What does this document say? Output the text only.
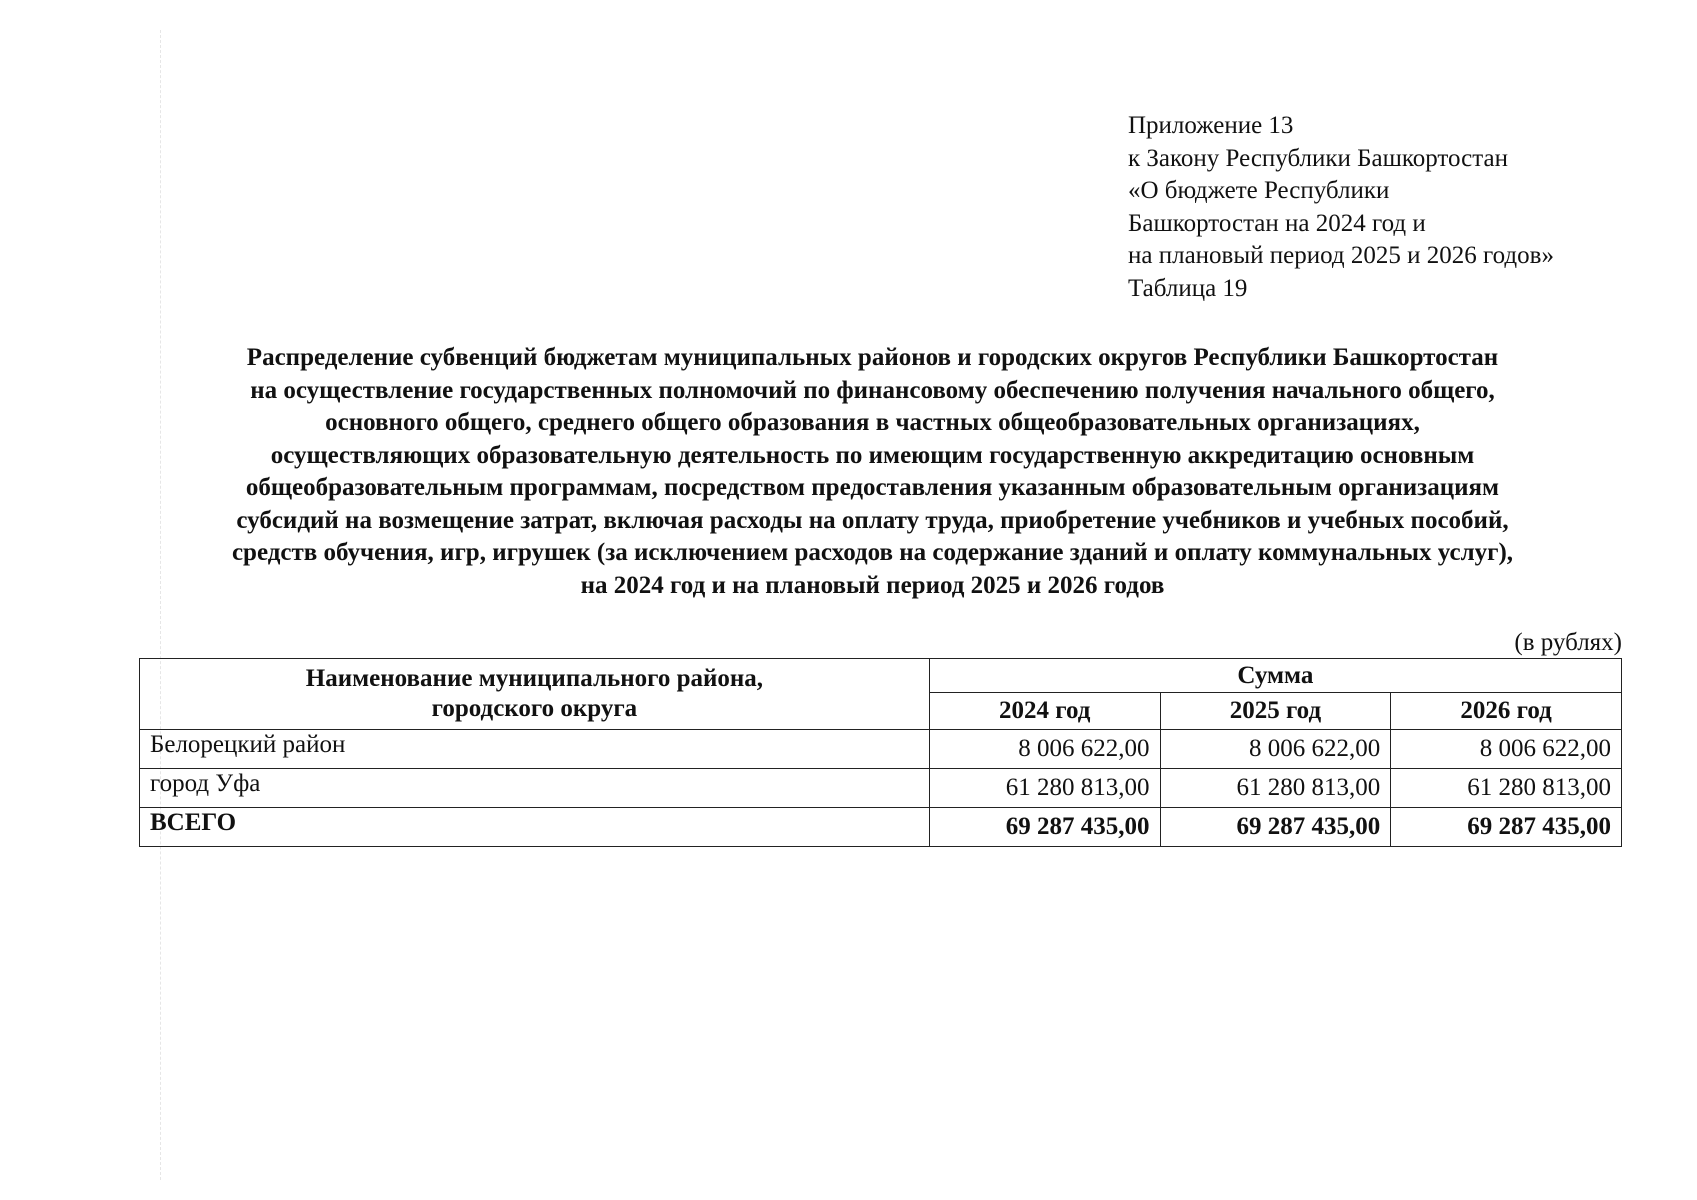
Приложение 13
к Закону Республики Башкортостан
«О бюджете Республики
Башкортостан на 2024 год и
на плановый период 2025 и 2026 годов»
Таблица 19
Распределение субвенций бюджетам муниципальных районов и городских округов Республики Башкортостан
на осуществление государственных полномочий по финансовому обеспечению получения начального общего,
основного общего, среднего общего образования в частных общеобразовательных организациях,
осуществляющих образовательную деятельность по имеющим государственную аккредитацию основным
общеобразовательным программам, посредством предоставления указанным образовательным организациям
субсидий на возмещение затрат, включая расходы на оплату труда, приобретение учебников и учебных пособий,
средств обучения, игр, игрушек (за исключением расходов на содержание зданий и оплату коммунальных услуг),
на 2024 год и на плановый период 2025 и 2026 годов
(в рублях)
Наименование муниципального района,
городского округа	Сумма		
	2024 год	2025 год	2026 год
Белорецкий район	8 006 622,00	8 006 622,00	8 006 622,00
город Уфа	61 280 813,00	61 280 813,00	61 280 813,00
ВСЕГО	69 287 435,00	69 287 435,00	69 287 435,00
